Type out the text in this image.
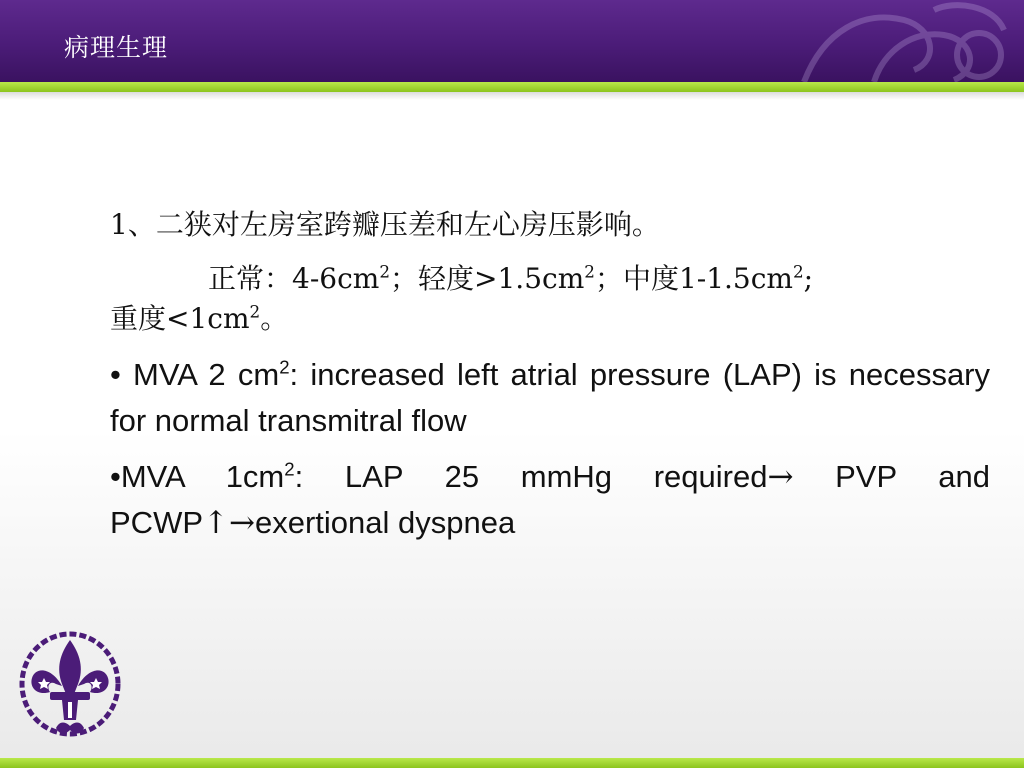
病理生理

1、二狭对左房室跨瓣压差和左心房压影响。

正常：$4-6cm^2$；轻度$>1.5cm^2$；中度$1-1.5cm^2$;

重度$<1cm^2$。

• MVA 2 $cm^2$: increased left atrial pressure (LAP) is necessary for normal transmitral flow

•MVA $1cm^2$: LAP 25 mmHg required→ PVP and PCWP↑→exertional dyspnea
